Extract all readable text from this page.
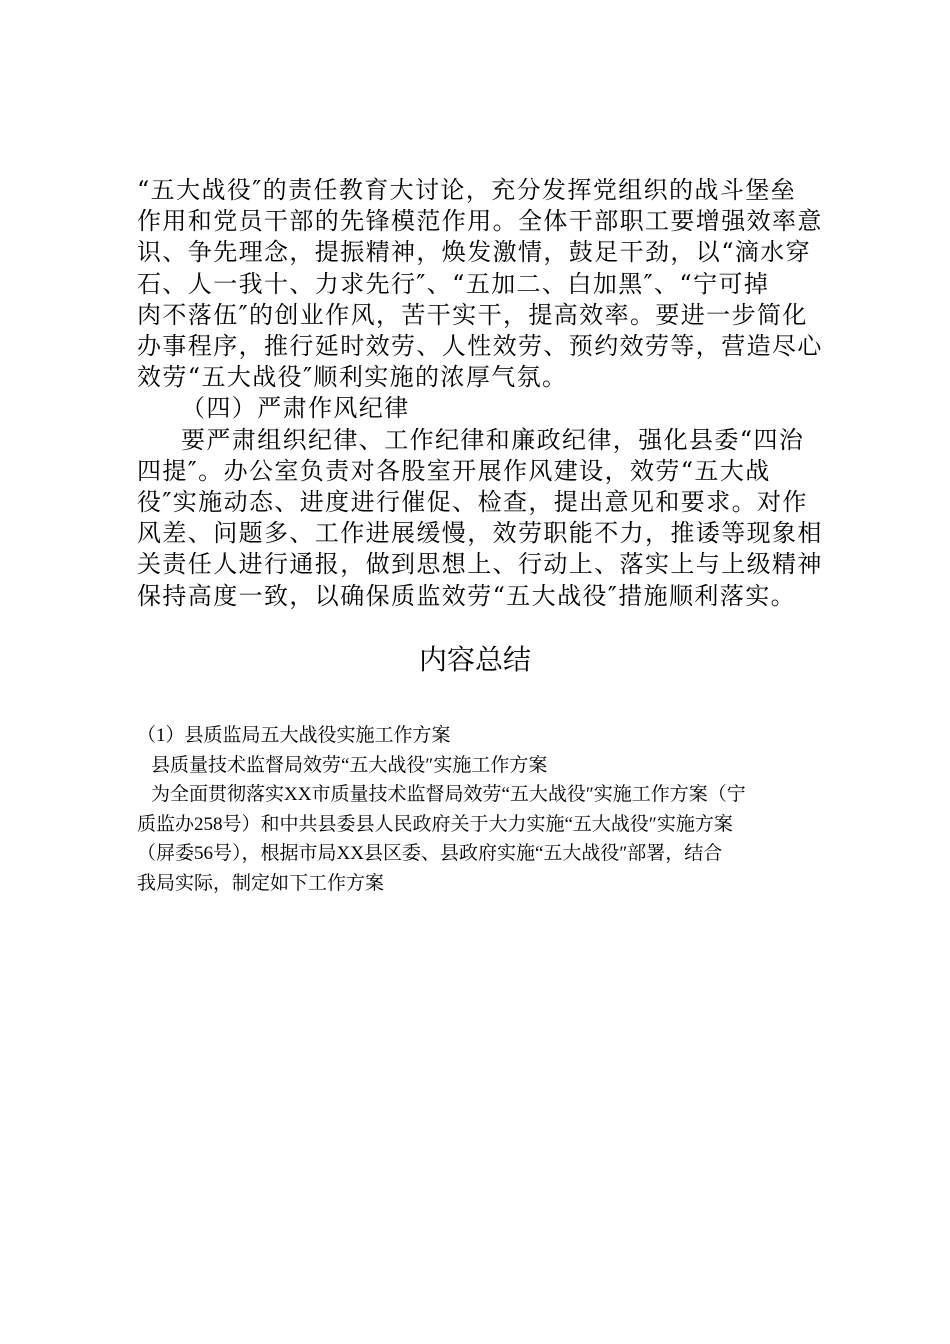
“五大战役″的责任教育大讨论，充分发挥党组织的战斗堡垒

作用和党员干部的先锋模范作用。全体干部职工要增强效率意

识、争先理念，提振精神，焕发激情，鼓足干劲，以“滴水穿

石、人一我十、力求先行″、“五加二、白加黑″、“宁可掉

肉不落伍″的创业作风，苦干实干，提高效率。要进一步简化

办事程序，推行延时效劳、人性效劳、预约效劳等，营造尽心

效劳“五大战役″顺利实施的浓厚气氛。

（四）严肃作风纪律

要严肃组织纪律、工作纪律和廉政纪律，强化县委“四治

四提″。办公室负责对各股室开展作风建设，效劳“五大战

役″实施动态、进度进行催促、检查，提出意见和要求。对作

风差、问题多、工作进展缓慢，效劳职能不力，推诿等现象相

关责任人进行通报，做到思想上、行动上、落实上与上级精神

保持高度一致，以确保质监效劳“五大战役″措施顺利落实。

内容总结

（1）县质监局五大战役实施工作方案

县质量技术监督局效劳“五大战役″实施工作方案

为全面贯彻落实XX市质量技术监督局效劳“五大战役″实施工作方案（宁

质监办258号）和中共县委县人民政府关于大力实施“五大战役″实施方案

（屏委56号），根据市局XX县区委、县政府实施“五大战役″部署，结合

我局实际，制定如下工作方案
